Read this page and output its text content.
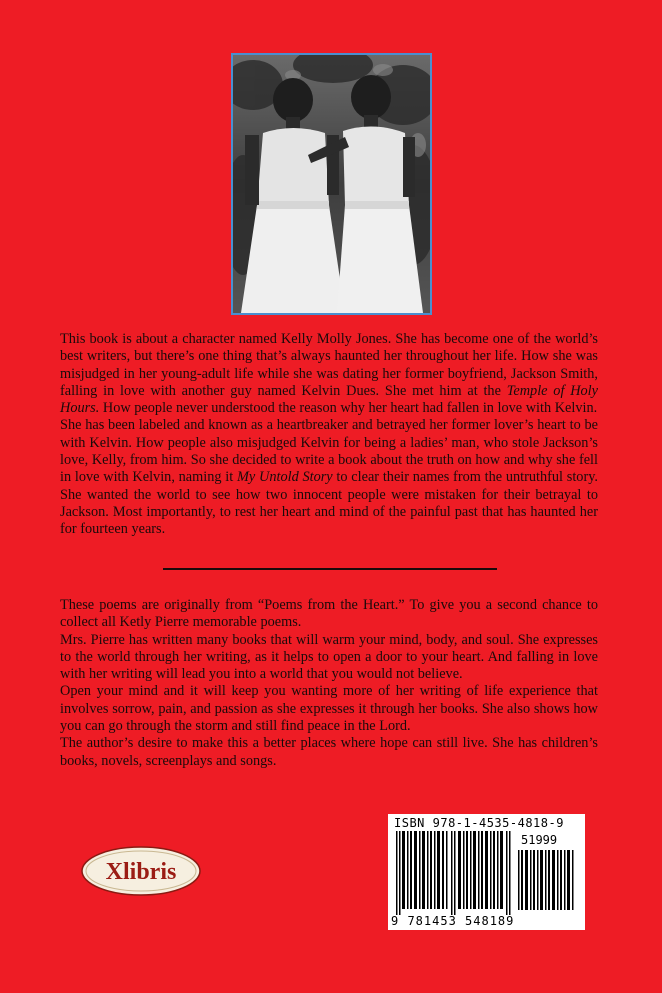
This book is about a character named Kelly Molly Jones. She has become one of the world’s best writers, but there’s one thing that’s always haunted her throughout her life. How she was misjudged in her young-adult life while she was dating her former boyfriend, Jackson Smith, falling in love with another guy named Kelvin Dues. She met him at the Temple of Holy Hours. How people never understood the reason why her heart had fallen in love with Kelvin.

She has been labeled and known as a heartbreaker and betrayed her former lover’s heart to be with Kelvin. How people also misjudged Kelvin for being a ladies’ man, who stole Jackson’s love, Kelly, from him. So she decided to write a book about the truth on how and why she fell in love with Kelvin, naming it My Untold Story to clear their names from the untruthful story. She wanted the world to see how two innocent people were mistaken for their betrayal to Jackson. Most importantly, to rest her heart and mind of the painful past that has haunted her for fourteen years.

These poems are originally from “Poems from the Heart.” To give you a second chance to collect all Ketly Pierre memorable poems.

Mrs. Pierre has written many books that will warm your mind, body, and soul. She expresses to the world through her writing, as it helps to open a door to your heart. And falling in love with her writing will lead you into a world that you would not believe.

Open your mind and it will keep you wanting more of her writing of life experience that involves sorrow, pain, and passion as she expresses it through her books. She also shows how you can go through the storm and still find peace in the Lord.

The author’s desire to make this a better places where hope can still live. She has children’s books, novels, screenplays and songs.

Xlibris
ISBN 978-1-4535-4818-9
51999
9 781453 548189
